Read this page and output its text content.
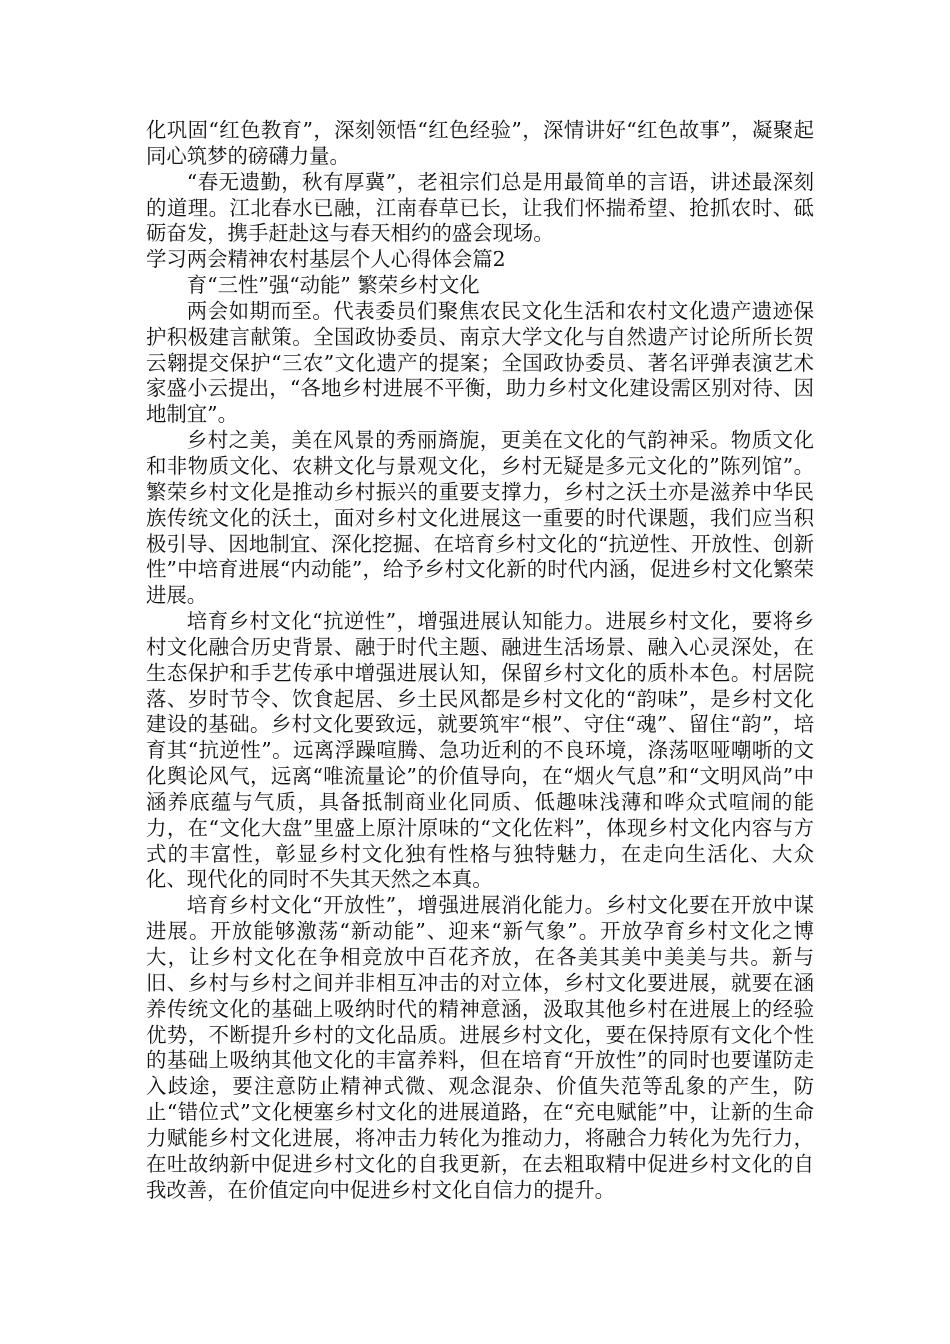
化巩固“红色教育”，深刻领悟“红色经验”，深情讲好“红色故事”，凝聚起同心筑梦的磅礴力量。

“春无遗勤，秋有厚冀”，老祖宗们总是用最简单的言语，讲述最深刻的道理。江北春水已融，江南春草已长，让我们怀揣希望、抢抓农时、砥砺奋发，携手赶赴这与春天相约的盛会现场。

学习两会精神农村基层个人心得体会篇2

育“三性”强“动能” 繁荣乡村文化

两会如期而至。代表委员们聚焦农民文化生活和农村文化遗产遗迹保护积极建言献策。全国政协委员、南京大学文化与自然遗产讨论所所长贺云翱提交保护“三农”文化遗产的提案；全国政协委员、著名评弹表演艺术家盛小云提出，“各地乡村进展不平衡，助力乡村文化建设需区别对待、因地制宜”。

乡村之美，美在风景的秀丽旖旎，更美在文化的气韵神采。物质文化和非物质文化、农耕文化与景观文化，乡村无疑是多元文化的”陈列馆”。繁荣乡村文化是推动乡村振兴的重要支撑力，乡村之沃土亦是滋养中华民族传统文化的沃土，面对乡村文化进展这一重要的时代课题，我们应当积极引导、因地制宜、深化挖掘、在培育乡村文化的“抗逆性、开放性、创新性”中培育进展“内动能”，给予乡村文化新的时代内涵，促进乡村文化繁荣进展。

培育乡村文化“抗逆性”，增强进展认知能力。进展乡村文化，要将乡村文化融合历史背景、融于时代主题、融进生活场景、融入心灵深处，在生态保护和手艺传承中增强进展认知，保留乡村文化的质朴本色。村居院落、岁时节令、饮食起居、乡土民风都是乡村文化的“韵味”，是乡村文化建设的基础。乡村文化要致远，就要筑牢“根”、守住“魂”、留住“韵”，培育其“抗逆性”。远离浮躁喧腾、急功近利的不良环境，涤荡呕哑嘲哳的文化舆论风气，远离“唯流量论”的价值导向，在“烟火气息”和“文明风尚”中涵养底蕴与气质，具备抵制商业化同质、低趣味浅薄和哗众式喧闹的能力，在“文化大盘”里盛上原汁原味的“文化佐料”，体现乡村文化内容与方式的丰富性，彰显乡村文化独有性格与独特魅力，在走向生活化、大众化、现代化的同时不失其天然之本真。

培育乡村文化“开放性”，增强进展消化能力。乡村文化要在开放中谋进展。开放能够激荡“新动能”、迎来“新气象”。开放孕育乡村文化之博大，让乡村文化在争相竞放中百花齐放，在各美其美中美美与共。新与旧、乡村与乡村之间并非相互冲击的对立体，乡村文化要进展，就要在涵养传统文化的基础上吸纳时代的精神意涵，汲取其他乡村在进展上的经验优势，不断提升乡村的文化品质。进展乡村文化，要在保持原有文化个性的基础上吸纳其他文化的丰富养料，但在培育“开放性”的同时也要谨防走入歧途，要注意防止精神式微、观念混杂、价值失范等乱象的产生，防止“错位式”文化梗塞乡村文化的进展道路，在“充电赋能”中，让新的生命力赋能乡村文化进展，将冲击力转化为推动力，将融合力转化为先行力，在吐故纳新中促进乡村文化的自我更新，在去粗取精中促进乡村文化的自我改善，在价值定向中促进乡村文化自信力的提升。
